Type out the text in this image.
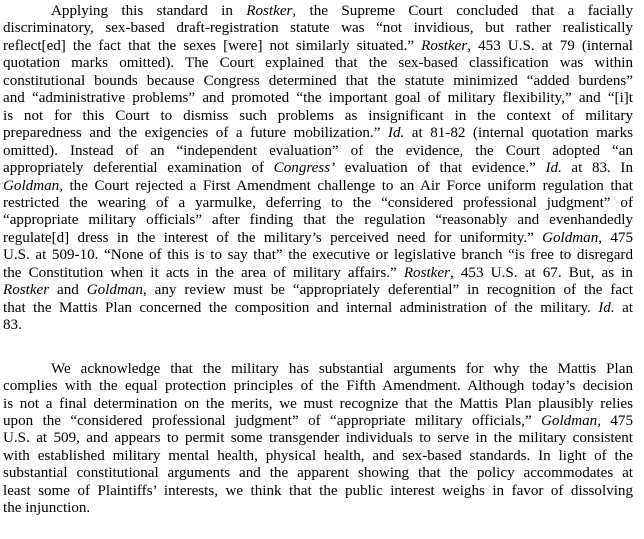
Applying this standard in Rostker, the Supreme Court concluded that a facially
discriminatory, sex-based draft-registration statute was “not invidious, but rather realistically
reflect[ed] the fact that the sexes [were] not similarly situated.” Rostker, 453 U.S. at 79 (internal
quotation marks omitted). The Court explained that the sex-based classification was within
constitutional bounds because Congress determined that the statute minimized “added burdens”
and “administrative problems” and promoted “the important goal of military flexibility,” and “[i]t
is not for this Court to dismiss such problems as insignificant in the context of military
preparedness and the exigencies of a future mobilization.” Id. at 81-82 (internal quotation marks
omitted). Instead of an “independent evaluation” of the evidence, the Court adopted “an
appropriately deferential examination of Congress’ evaluation of that evidence.” Id. at 83. In
Goldman, the Court rejected a First Amendment challenge to an Air Force uniform regulation that
restricted the wearing of a yarmulke, deferring to the “considered professional judgment” of
“appropriate military officials” after finding that the regulation “reasonably and evenhandedly
regulate[d] dress in the interest of the military’s perceived need for uniformity.” Goldman, 475
U.S. at 509-10. “None of this is to say that” the executive or legislative branch “is free to disregard
the Constitution when it acts in the area of military affairs.” Rostker, 453 U.S. at 67. But, as in
Rostker and Goldman, any review must be “appropriately deferential” in recognition of the fact
that the Mattis Plan concerned the composition and internal administration of the military. Id. at
83.
We acknowledge that the military has substantial arguments for why the Mattis Plan
complies with the equal protection principles of the Fifth Amendment. Although today’s decision
is not a final determination on the merits, we must recognize that the Mattis Plan plausibly relies
upon the “considered professional judgment” of “appropriate military officials,” Goldman, 475
U.S. at 509, and appears to permit some transgender individuals to serve in the military consistent
with established military mental health, physical health, and sex-based standards. In light of the
substantial constitutional arguments and the apparent showing that the policy accommodates at
least some of Plaintiffs’ interests, we think that the public interest weighs in favor of dissolving
the injunction.
